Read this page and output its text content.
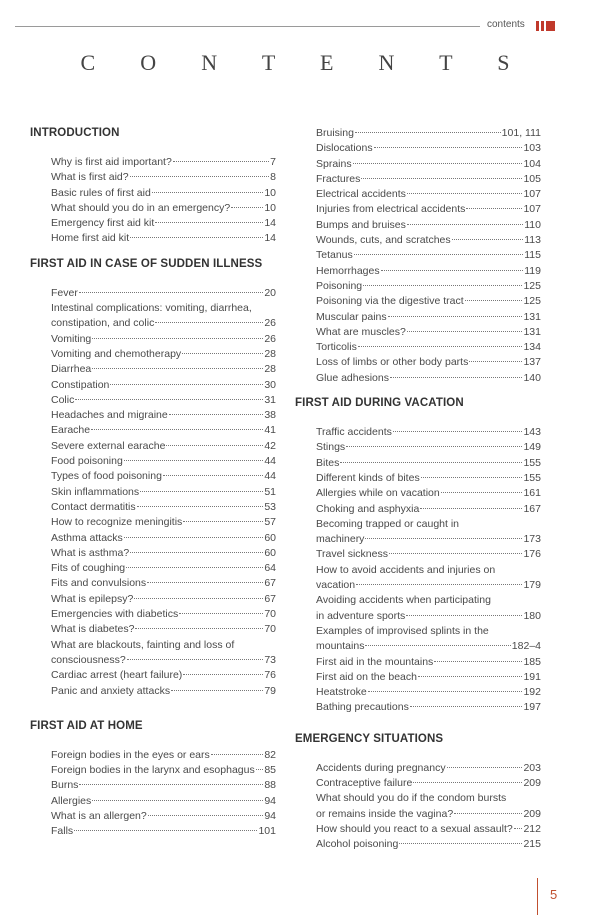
contents
C O N T E N T S
INTRODUCTION
Why is first aid important?	7
What is first aid?	8
Basic rules of first aid	10
What should you do in an emergency?	10
Emergency first aid kit	14
Home first aid kit	14
FIRST AID IN CASE OF SUDDEN ILLNESS
Fever	20
Intestinal complications: vomiting, diarrhea,
constipation, and colic	26
Vomiting	26
Vomiting and chemotherapy	28
Diarrhea	28
Constipation	30
Colic	31
Headaches and migraine	38
Earache	41
Severe external earache	42
Food poisoning	44
Types of food poisoning	44
Skin inflammations	51
Contact dermatitis	53
How to recognize meningitis	57
Asthma attacks	60
What is asthma?	60
Fits of coughing	64
Fits and convulsions	67
What is epilepsy?	67
Emergencies with diabetics	70
What is diabetes?	70
What are blackouts, fainting and loss of
consciousness?	73
Cardiac arrest (heart failure)	76
Panic and anxiety attacks	79
FIRST AID AT HOME
Foreign bodies in the eyes or ears	82
Foreign bodies in the larynx and esophagus 85
Burns	88
Allergies	94
What is an allergen?	94
Falls	101
Bruising	101, 111
Dislocations	103
Sprains	104
Fractures	105
Electrical accidents	107
Injuries from electrical accidents	107
Bumps and bruises	110
Wounds, cuts, and scratches	113
Tetanus	115
Hemorrhages	119
Poisoning	125
Poisoning via the digestive tract	125
Muscular pains	131
What are muscles?	131
Torticolis	134
Loss of limbs or other body parts	137
Glue adhesions	140
FIRST AID DURING VACATION
Traffic accidents	143
Stings	149
Bites	155
Different kinds of bites	155
Allergies while on vacation	161
Choking and asphyxia	167
Becoming trapped or caught in
machinery	173
Travel sickness	176
How to avoid accidents and injuries on
vacation	179
Avoiding accidents when participating
in adventure sports	180
Examples of improvised splints in the
mountains	182–4
First aid in the mountains	185
First aid on the beach	191
Heatstroke	192
Bathing precautions	197
EMERGENCY SITUATIONS
Accidents during pregnancy	203
Contraceptive failure	209
What should you do if the condom bursts
or remains inside the vagina?	209
How should you react to a sexual assault? 212
Alcohol poisoning	215
5
